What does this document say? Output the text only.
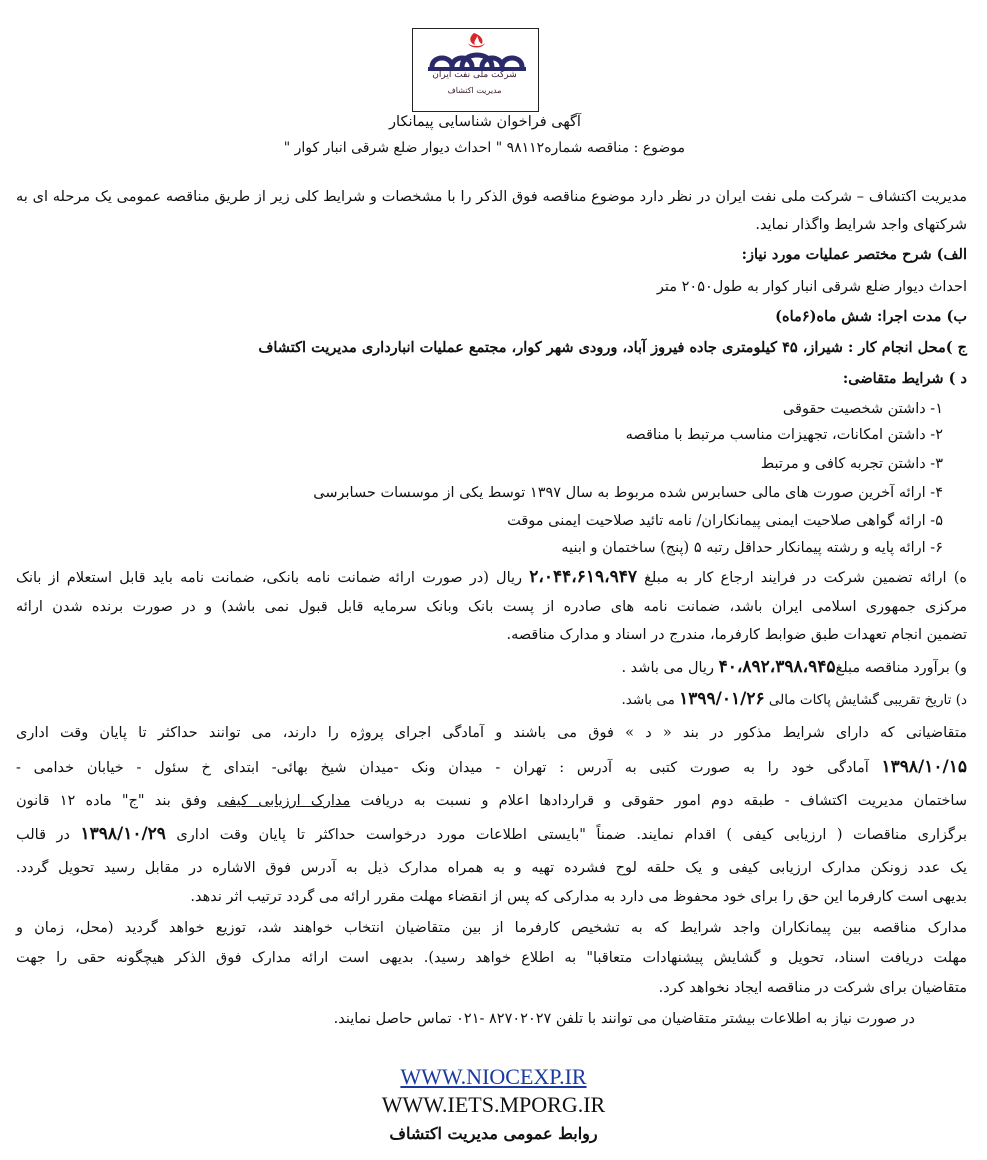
شرکت ملی نفت ایران
مدیریت اکتشاف
آگهی فراخوان شناسایی پیمانکار
موضوع : مناقصه شماره۹۸۱۱۲ " احداث دیوار ضلع شرقی انبار کوار "
مدیریت اکتشاف – شرکت ملی نفت ایران در نظر دارد موضوع مناقصه فوق الذکر را با مشخصات و شرایط کلی زیر از طریق مناقصه عمومی یک مرحله ای به
شرکتهای واجد شرایط واگذار نماید.
الف) شرح مختصر عملیات مورد نیاز:
احداث دیوار ضلع شرقی انبار کوار به طول۲۰۵۰ متر
ب) مدت اجرا: شش ماه(۶ماه)
ج )محل انجام کار : شیراز، ۴۵ کیلومتری جاده فیروز آباد، ورودی شهر کوار، مجتمع عملیات انبارداری مدیریت اکتشاف
د ) شرایط متقاضی:
۱- داشتن شخصیت حقوقی
۲- داشتن امکانات، تجهیزات مناسب مرتبط با مناقصه
۳- داشتن تجربه کافی و مرتبط
۴- ارائه آخرین صورت های مالی حسابرس شده مربوط به سال ۱۳۹۷ توسط یکی از موسسات حسابرسی
۵- ارائه گواهی صلاحیت ایمنی پیمانکاران/ نامه تائید صلاحیت ایمنی موقت
۶- ارائه پایه و رشته پیمانکار حداقل رتبه ۵ (پنج) ساختمان و ابنیه
ه) ارائه تضمین شرکت در فرایند ارجاع کار به مبلغ ۲،۰۴۴،۶۱۹،۹۴۷ ریال (در صورت ارائه ضمانت نامه بانکی، ضمانت نامه باید قابل استعلام از بانک
مرکزی جمهوری اسلامی ایران باشد، ضمانت نامه های صادره از پست بانک وبانک سرمایه قابل قبول نمی باشد) و در صورت برنده شدن ارائه
تضمین انجام تعهدات طبق ضوابط کارفرما، مندرج در اسناد و مدارک مناقصه.
و) برآورد مناقصه مبلغ۴۰،۸۹۲،۳۹۸،۹۴۵ ریال می باشد .
د) تاریخ تقریبی گشایش پاکات مالی ۱۳۹۹/۰۱/۲۶ می باشد.
متقاضیانی که دارای شرایط مذکور در بند « د » فوق می باشند و آمادگی اجرای پروژه را دارند، می توانند حداکثر تا پایان وقت اداری
۱۳۹۸/۱۰/۱۵ آمادگی خود را به صورت کتبی به آدرس : تهران - میدان ونک -میدان شیخ بهائی- ابتدای خ سئول - خیابان خدامی -
ساختمان مدیریت اکتشاف - طبقه دوم امور حقوقی و قراردادها اعلام و نسبت به دریافت مدارک ارزیابی کیفی وفق بند "ج" ماده ۱۲ قانون
برگزاری مناقصات ( ارزیابی کیفی ) اقدام نمایند. ضمناً "بایستی اطلاعات مورد درخواست حداکثر تا پایان وقت اداری ۱۳۹۸/۱۰/۲۹ در قالب
یک عدد زونکن مدارک ارزیابی کیفی و یک حلقه لوح فشرده تهیه و به همراه مدارک ذیل به آدرس فوق الاشاره در مقابل رسید تحویل گردد.
بدیهی است کارفرما این حق را برای خود محفوظ می دارد به مدارکی که پس از انقضاء مهلت مقرر ارائه می گردد ترتیب اثر ندهد.
مدارک مناقصه بین پیمانکاران واجد شرایط که به تشخیص کارفرما از بین متقاضیان انتخاب خواهند شد، توزیع خواهد گردید (محل، زمان و
مهلت دریافت اسناد، تحویل و گشایش پیشنهادات متعاقبا" به اطلاع خواهد رسید). بدیهی است ارائه مدارک فوق الذکر هیچگونه حقی را جهت
متقاضیان برای شرکت در مناقصه ایجاد نخواهد کرد.
در صورت نیاز به اطلاعات بیشتر متقاضیان می توانند با تلفن ۸۲۷۰۲۰۲۷ -۰۲۱ تماس حاصل نمایند.
WWW.NIOCEXP.IR
WWW.IETS.MPORG.IR
روابط عمومی مدیریت اکتشاف
